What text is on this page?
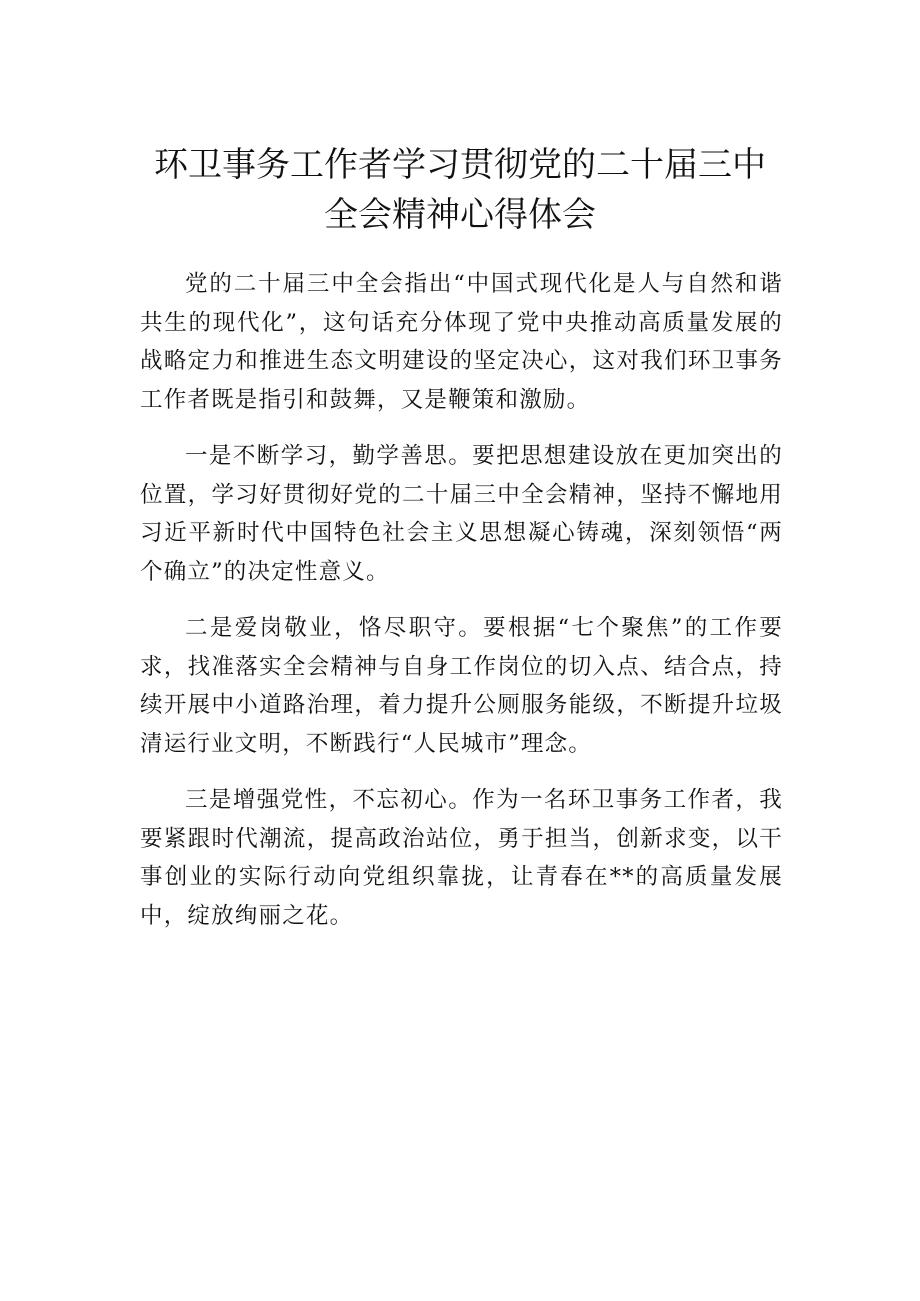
环卫事务工作者学习贯彻党的二十届三中
全会精神心得体会

党的二十届三中全会指出“中国式现代化是人与自然和谐共生的现代化”，这句话充分体现了党中央推动高质量发展的战略定力和推进生态文明建设的坚定决心，这对我们环卫事务工作者既是指引和鼓舞，又是鞭策和激励。

一是不断学习，勤学善思。要把思想建设放在更加突出的位置，学习好贯彻好党的二十届三中全会精神，坚持不懈地用习近平新时代中国特色社会主义思想凝心铸魂，深刻领悟“两个确立”的决定性意义。

二是爱岗敬业，恪尽职守。要根据“七个聚焦”的工作要求，找准落实全会精神与自身工作岗位的切入点、结合点，持续开展中小道路治理，着力提升公厕服务能级，不断提升垃圾清运行业文明，不断践行“人民城市”理念。

三是增强党性，不忘初心。作为一名环卫事务工作者，我要紧跟时代潮流，提高政治站位，勇于担当，创新求变，以干事创业的实际行动向党组织靠拢，让青春在**的高质量发展中，绽放绚丽之花。
